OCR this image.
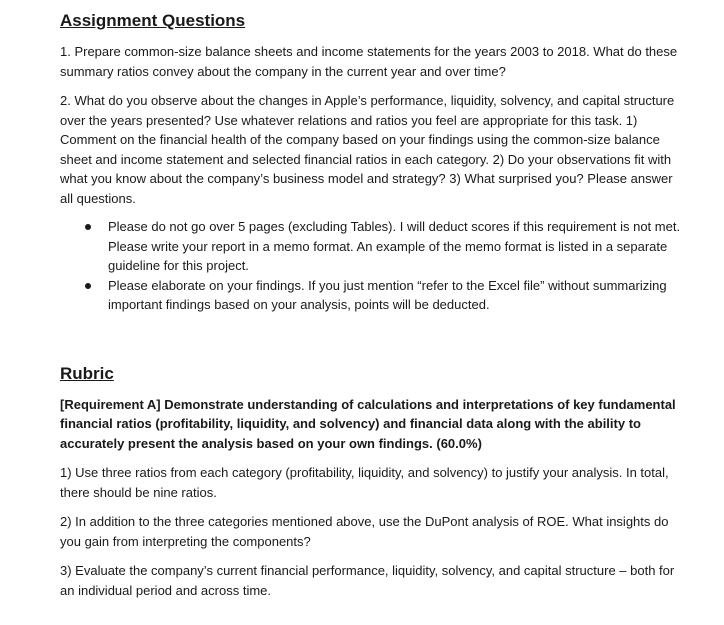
Assignment Questions

1. Prepare common-size balance sheets and income statements for the years 2003 to 2018. What do these summary ratios convey about the company in the current year and over time?

2. What do you observe about the changes in Apple’s performance, liquidity, solvency, and capital structure over the years presented? Use whatever relations and ratios you feel are appropriate for this task. 1) Comment on the financial health of the company based on your findings using the common-size balance sheet and income statement and selected financial ratios in each category. 2) Do your observations fit with what you know about the company’s business model and strategy? 3) What surprised you? Please answer all questions.

Please do not go over 5 pages (excluding Tables). I will deduct scores if this requirement is not met. Please write your report in a memo format. An example of the memo format is listed in a separate guideline for this project.
Please elaborate on your findings. If you just mention “refer to the Excel file” without summarizing important findings based on your analysis, points will be deducted.
Rubric

[Requirement A] Demonstrate understanding of calculations and interpretations of key fundamental financial ratios (profitability, liquidity, and solvency) and financial data along with the ability to accurately present the analysis based on your own findings. (60.0%)

1) Use three ratios from each category (profitability, liquidity, and solvency) to justify your analysis. In total, there should be nine ratios.

2) In addition to the three categories mentioned above, use the DuPont analysis of ROE. What insights do you gain from interpreting the components?

3) Evaluate the company’s current financial performance, liquidity, solvency, and capital structure – both for an individual period and across time.
